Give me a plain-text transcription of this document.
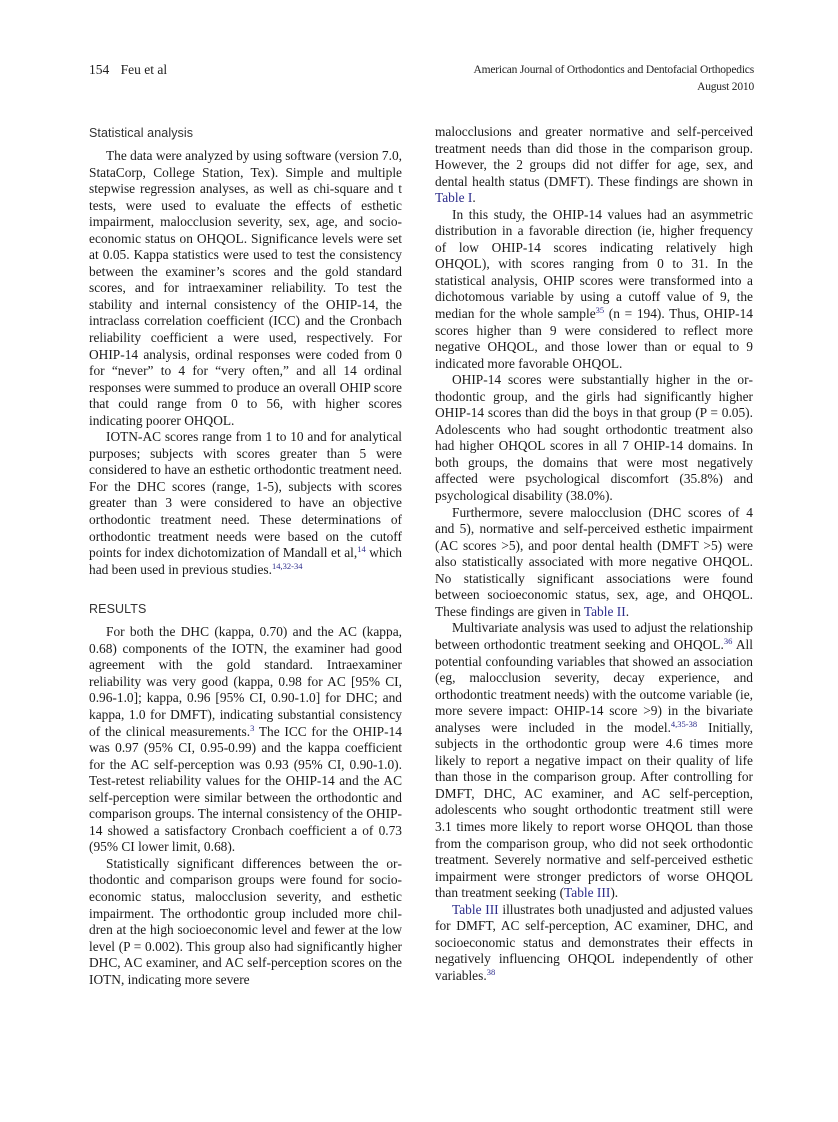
154 Feu et al	American Journal of Orthodontics and Dentofacial Orthopedics
August 2010
Statistical analysis

The data were analyzed by using software (version 7.0, StataCorp, College Station, Tex). Simple and multiple stepwise regression analyses, as well as chi-square and t tests, were used to evaluate the effects of esthetic impairment, malocclusion severity, sex, age, and socioeconomic status on OHQOL. Significance levels were set at 0.05. Kappa statistics were used to test the consistency between the examiner’s scores and the gold standard scores, and for intraexaminer reliability. To test the stability and internal consistency of the OHIP-14, the intraclass correlation coefficient (ICC) and the Cronbach reliability coefficient a were used, respectively. For OHIP-14 analysis, ordinal responses were coded from 0 for “never” to 4 for “very often,” and all 14 ordinal responses were summed to produce an overall OHIP score that could range from 0 to 56, with higher scores indicating poorer OHQOL.

IOTN-AC scores range from 1 to 10 and for analytical purposes; subjects with scores greater than 5 were considered to have an esthetic orthodontic treatment need. For the DHC scores (range, 1-5), subjects with scores greater than 3 were considered to have an objective orthodontic treatment need. These determinations of orthodontic treatment needs were based on the cutoff points for index dichotomization of Mandall et al,$^{14}$ which had been used in previous studies.$^{14,32-34}$

RESULTS

For both the DHC (kappa, 0.70) and the AC (kappa, 0.68) components of the IOTN, the examiner had good agreement with the gold standard. Intraexaminer reliability was very good (kappa, 0.98 for AC [95% CI, 0.96-1.0]; kappa, 0.96 [95% CI, 0.90-1.0] for DHC; and kappa, 1.0 for DMFT), indicating substantial consistency of the clinical measurements.$^3$ The ICC for the OHIP-14 was 0.97 (95% CI, 0.95-0.99) and the kappa coefficient for the AC self-perception was 0.93 (95% CI, 0.90-1.0). Test-retest reliability values for the OHIP-14 and the AC self-perception were similar between the orthodontic and comparison groups. The internal consistency of the OHIP-14 showed a satisfactory Cronbach coefficient a of 0.73 (95% CI lower limit, 0.68).

Statistically significant differences between the orthodontic and comparison groups were found for socioeconomic status, malocclusion severity, and esthetic impairment. The orthodontic group included more children at the high socioeconomic level and fewer at the low level (P = 0.002). This group also had significantly higher DHC, AC examiner, and AC self-perception scores on the IOTN, indicating more severe

malocclusions and greater normative and self-perceived treatment needs than did those in the comparison group. However, the 2 groups did not differ for age, sex, and dental health status (DMFT). These findings are shown in Table I.

In this study, the OHIP-14 values had an asymmetric distribution in a favorable direction (ie, higher frequency of low OHIP-14 scores indicating relatively high OHQOL), with scores ranging from 0 to 31. In the statistical analysis, OHIP scores were transformed into a dichotomous variable by using a cutoff value of 9, the median for the whole sample$^{35}$ (n = 194). Thus, OHIP-14 scores higher than 9 were considered to reflect more negative OHQOL, and those lower than or equal to 9 indicated more favorable OHQOL.

OHIP-14 scores were substantially higher in the orthodontic group, and the girls had significantly higher OHIP-14 scores than did the boys in that group (P = 0.05). Adolescents who had sought orthodontic treatment also had higher OHQOL scores in all 7 OHIP-14 domains. In both groups, the domains that were most negatively affected were psychological discomfort (35.8%) and psychological disability (38.0%).

Furthermore, severe malocclusion (DHC scores of 4 and 5), normative and self-perceived esthetic impairment (AC scores >5), and poor dental health (DMFT >5) were also statistically associated with more negative OHQOL. No statistically significant associations were found between socioeconomic status, sex, age, and OHQOL. These findings are given in Table II.

Multivariate analysis was used to adjust the relationship between orthodontic treatment seeking and OHQOL.$^{36}$ All potential confounding variables that showed an association (eg, malocclusion severity, decay experience, and orthodontic treatment needs) with the outcome variable (ie, more severe impact: OHIP-14 score >9) in the bivariate analyses were included in the model.$^{4,35-38}$ Initially, subjects in the orthodontic group were 4.6 times more likely to report a negative impact on their quality of life than those in the comparison group. After controlling for DMFT, DHC, AC examiner, and AC self-perception, adolescents who sought orthodontic treatment still were 3.1 times more likely to report worse OHQOL than those from the comparison group, who did not seek orthodontic treatment. Severely normative and self-perceived esthetic impairment were stronger predictors of worse OHQOL than treatment seeking (Table III).

Table III illustrates both unadjusted and adjusted values for DMFT, AC self-perception, AC examiner, DHC, and socioeconomic status and demonstrates their effects in negatively influencing OHQOL independently of other variables.$^{38}$
